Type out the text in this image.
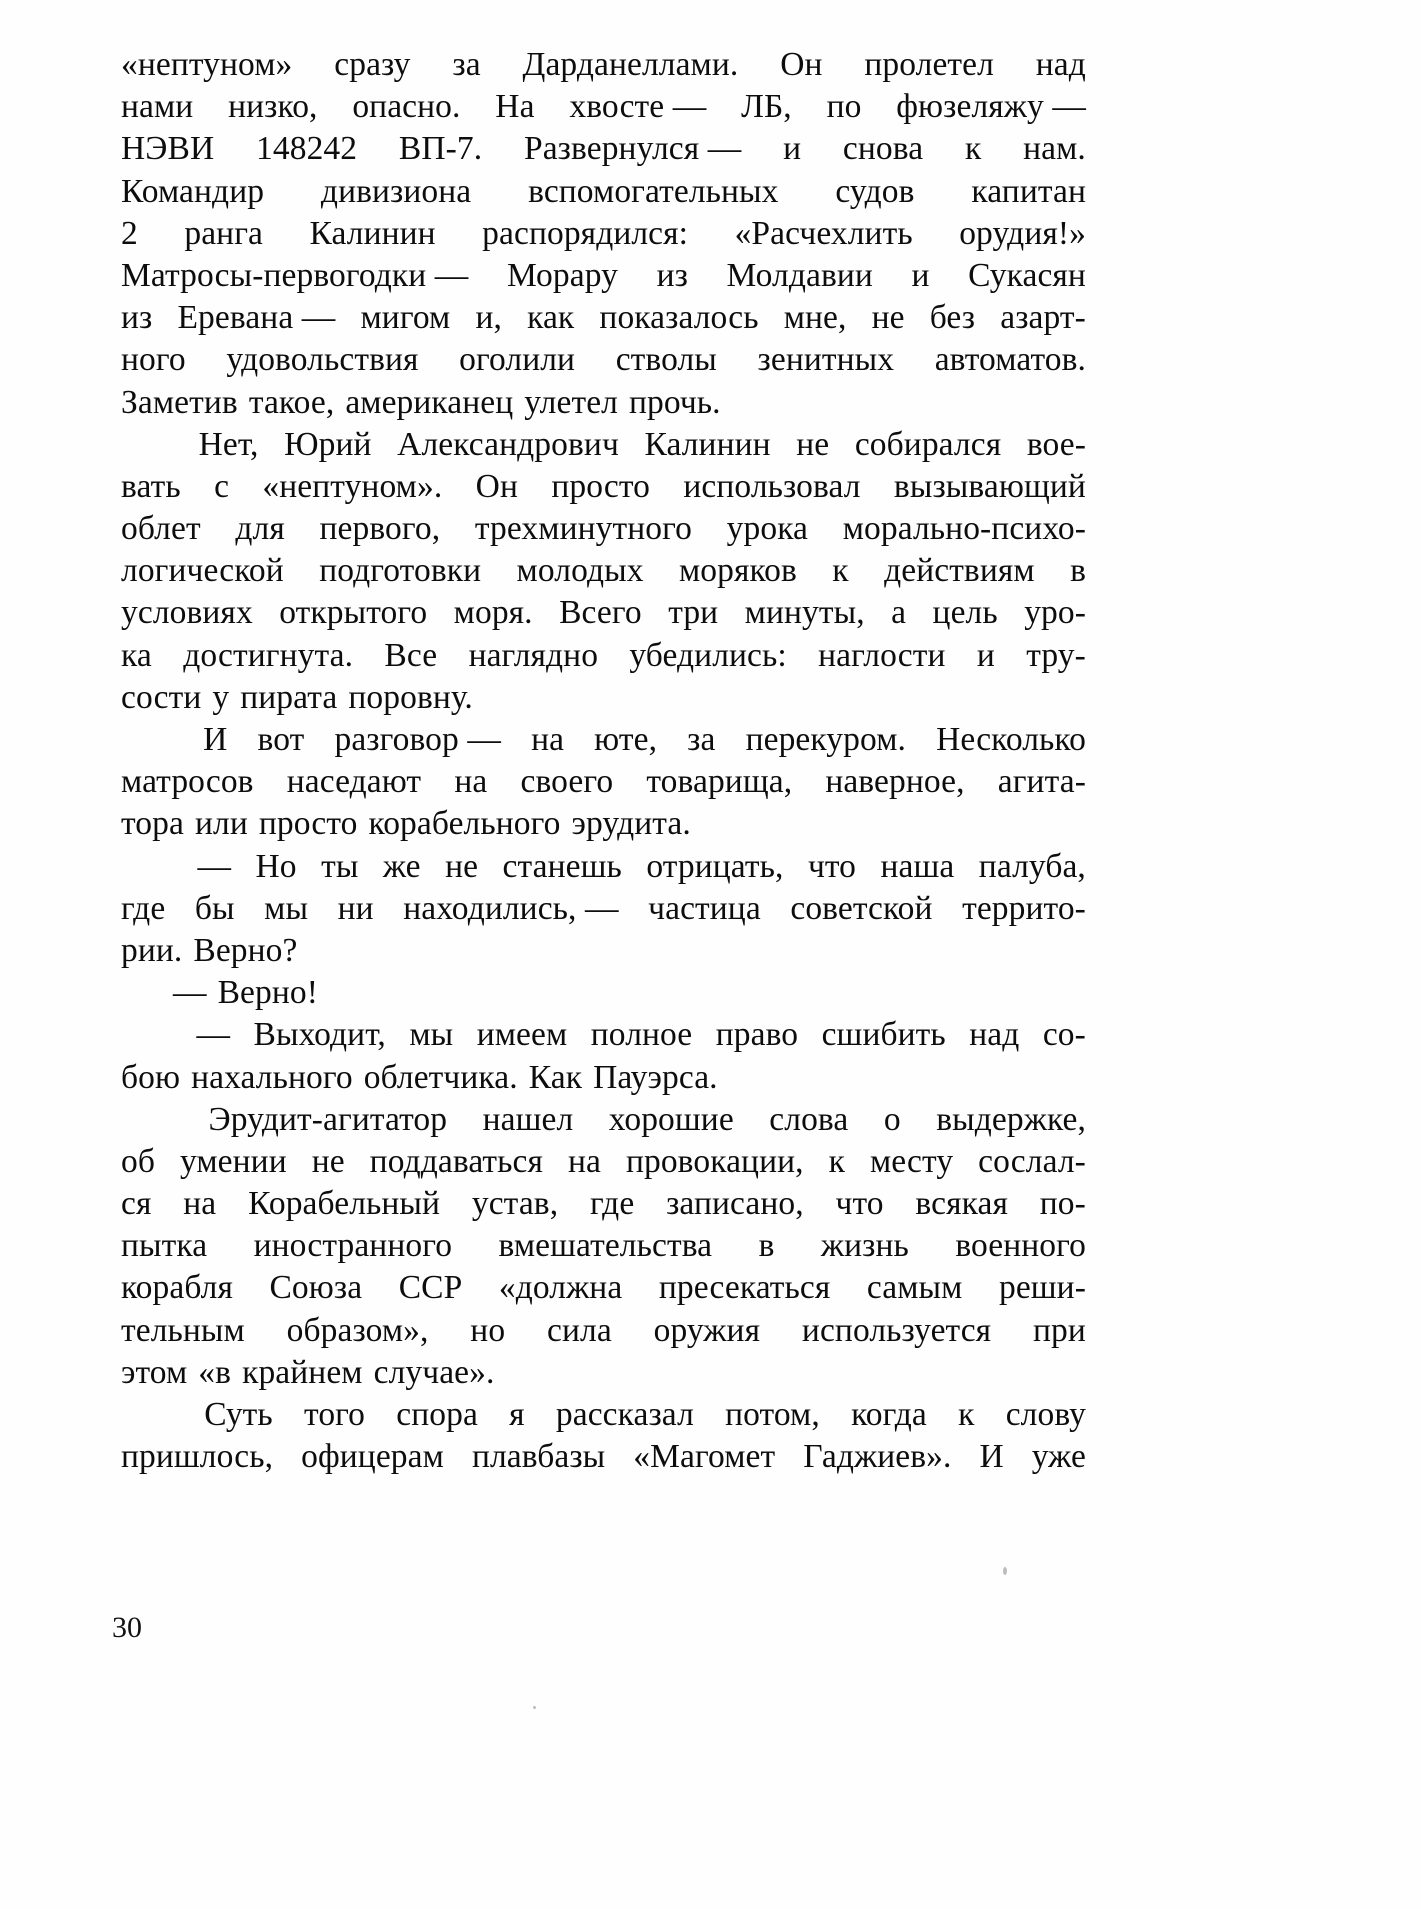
«нептуном» сразу за Дарданеллами. Он пролетел над
нами низко, опасно. На хвосте — ЛБ, по фюзеляжу —
НЭВИ 148242 ВП-7. Развернулся — и снова к нам.
Командир дивизиона вспомогательных судов капитан
2 ранга Калинин распорядился: «Расчехлить орудия!»
Матросы-первогодки — Морару из Молдавии и Сукасян
из Еревана — мигом и, как показалось мне, не без азарт-
ного удовольствия оголили стволы зенитных автоматов.
Заметив такое, американец улетел прочь.
Нет, Юрий Александрович Калинин не собирался вое-
вать с «нептуном». Он просто использовал вызывающий
облет для первого, трехминутного урока морально-психо-
логической подготовки молодых моряков к действиям в
условиях открытого моря. Всего три минуты, а цель уро-
ка достигнута. Все наглядно убедились: наглости и тру-
сости у пирата поровну.
И вот разговор — на юте, за перекуром. Несколько
матросов наседают на своего товарища, наверное, агита-
тора или просто корабельного эрудита.
— Но ты же не станешь отрицать, что наша палуба,
где бы мы ни находились, — частица советской террито-
рии. Верно?
— Верно!
— Выходит, мы имеем полное право сшибить над со-
бою нахального облетчика. Как Пауэрса.
Эрудит-агитатор нашел хорошие слова о выдержке,
об умении не поддаваться на провокации, к месту сослал-
ся на Корабельный устав, где записано, что всякая по-
пытка иностранного вмешательства в жизнь военного
корабля Союза ССР «должна пресекаться самым реши-
тельным образом», но сила оружия используется при
этом «в крайнем случае».
Суть того спора я рассказал потом, когда к слову
пришлось, офицерам плавбазы «Магомет Гаджиев». И уже
30
